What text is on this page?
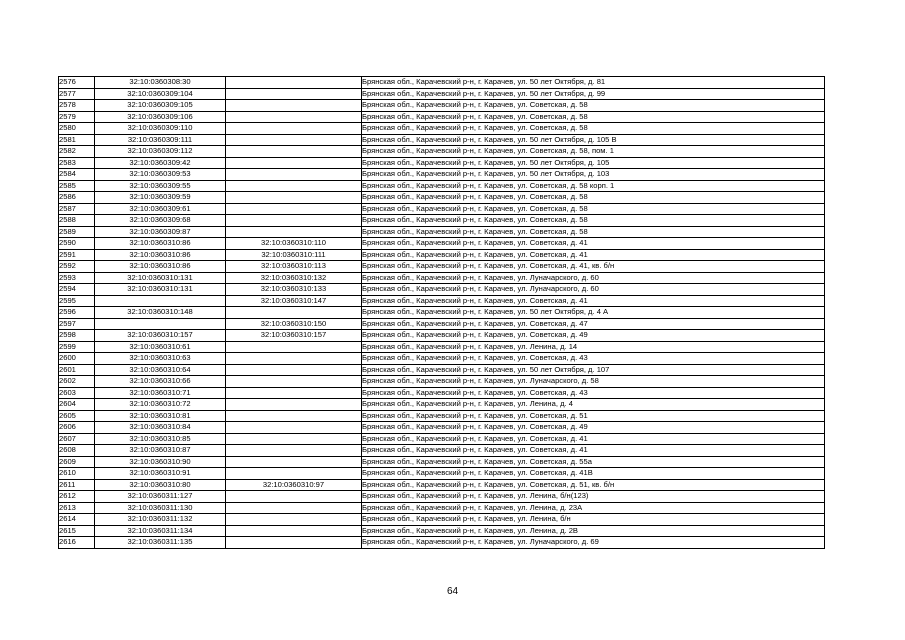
2576	32:10:0360308:30		Брянская обл., Карачевский р-н, г. Карачев, ул. 50 лет Октября, д. 81
2577	32:10:0360309:104		Брянская обл., Карачевский р-н, г. Карачев, ул. 50 лет Октября, д. 99
2578	32:10:0360309:105		Брянская обл., Карачевский р-н, г. Карачев, ул. Советская, д. 58
2579	32:10:0360309:106		Брянская обл., Карачевский р-н, г. Карачев, ул. Советская, д. 58
2580	32:10:0360309:110		Брянская обл., Карачевский р-н, г. Карачев, ул. Советская, д. 58
2581	32:10:0360309:111		Брянская обл., Карачевский р-н, г. Карачев, ул. 50 лет Октября, д. 105 В
2582	32:10:0360309:112		Брянская обл., Карачевский р-н, г. Карачев, ул. Советская, д. 58, пом. 1
2583	32:10:0360309:42		Брянская обл., Карачевский р-н, г. Карачев, ул. 50 лет Октября, д. 105
2584	32:10:0360309:53		Брянская обл., Карачевский р-н, г. Карачев, ул. 50 лет Октября, д. 103
2585	32:10:0360309:55		Брянская обл., Карачевский р-н, г. Карачев, ул. Советская, д. 58 корп. 1
2586	32:10:0360309:59		Брянская обл., Карачевский р-н, г. Карачев, ул. Советская, д. 58
2587	32:10:0360309:61		Брянская обл., Карачевский р-н, г. Карачев, ул. Советская, д. 58
2588	32:10:0360309:68		Брянская обл., Карачевский р-н, г. Карачев, ул. Советская, д. 58
2589	32:10:0360309:87		Брянская обл., Карачевский р-н, г. Карачев, ул. Советская, д. 58
2590	32:10:0360310:86	32:10:0360310:110	Брянская обл., Карачевский р-н, г. Карачев, ул. Советская, д. 41
2591	32:10:0360310:86	32:10:0360310:111	Брянская обл., Карачевский р-н, г. Карачев, ул. Советская, д. 41
2592	32:10:0360310:86	32:10:0360310:113	Брянская обл., Карачевский р-н, г. Карачев, ул. Советская, д. 41, кв. б/н
2593	32:10:0360310:131	32:10:0360310:132	Брянская обл., Карачевский р-н, г. Карачев, ул. Луначарского, д. 60
2594	32:10:0360310:131	32:10:0360310:133	Брянская обл., Карачевский р-н, г. Карачев, ул. Луначарского, д. 60
2595		32:10:0360310:147	Брянская обл., Карачевский р-н, г. Карачев, ул. Советская, д. 41
2596	32:10:0360310:148		Брянская обл., Карачевский р-н, г. Карачев, ул. 50 лет Октября, д. 4 А
2597		32:10:0360310:150	Брянская обл., Карачевский р-н, г. Карачев, ул. Советская, д. 47
2598	32:10:0360310:157	32:10:0360310:157	Брянская обл., Карачевский р-н, г. Карачев, ул. Советская, д. 49
2599	32:10:0360310:61		Брянская обл., Карачевский р-н, г. Карачев, ул. Ленина, д. 14
2600	32:10:0360310:63		Брянская обл., Карачевский р-н, г. Карачев, ул. Советская, д. 43
2601	32:10:0360310:64		Брянская обл., Карачевский р-н, г. Карачев, ул. 50 лет Октября, д. 107
2602	32:10:0360310:66		Брянская обл., Карачевский р-н, г. Карачев, ул. Луначарского, д. 58
2603	32:10:0360310:71		Брянская обл., Карачевский р-н, г. Карачев, ул. Советская, д. 43
2604	32:10:0360310:72		Брянская обл., Карачевский р-н, г. Карачев, ул. Ленина, д. 4
2605	32:10:0360310:81		Брянская обл., Карачевский р-н, г. Карачев, ул. Советская, д. 51
2606	32:10:0360310:84		Брянская обл., Карачевский р-н, г. Карачев, ул. Советская, д. 49
2607	32:10:0360310:85		Брянская обл., Карачевский р-н, г. Карачев, ул. Советская, д. 41
2608	32:10:0360310:87		Брянская обл., Карачевский р-н, г. Карачев, ул. Советская, д. 41
2609	32:10:0360310:90		Брянская обл., Карачевский р-н, г. Карачев, ул. Советская, д. 55а
2610	32:10:0360310:91		Брянская обл., Карачевский р-н, г. Карачев, ул. Советская, д. 41В
2611	32:10:0360310:80	32:10:0360310:97	Брянская обл., Карачевский р-н, г. Карачев, ул. Советская, д. 51, кв. б/н
2612	32:10:0360311:127		Брянская обл., Карачевский р-н, г. Карачев, ул. Ленина, б/н(123)
2613	32:10:0360311:130		Брянская обл., Карачевский р-н, г. Карачев, ул. Ленина, д. 23А
2614	32:10:0360311:132		Брянская обл., Карачевский р-н, г. Карачев, ул. Ленина, б/н
2615	32:10:0360311:134		Брянская обл., Карачевский р-н, г. Карачев, ул. Ленина, д. 2В
2616	32:10:0360311:135		Брянская обл., Карачевский р-н, г. Карачев, ул. Луначарского, д. 69
64
